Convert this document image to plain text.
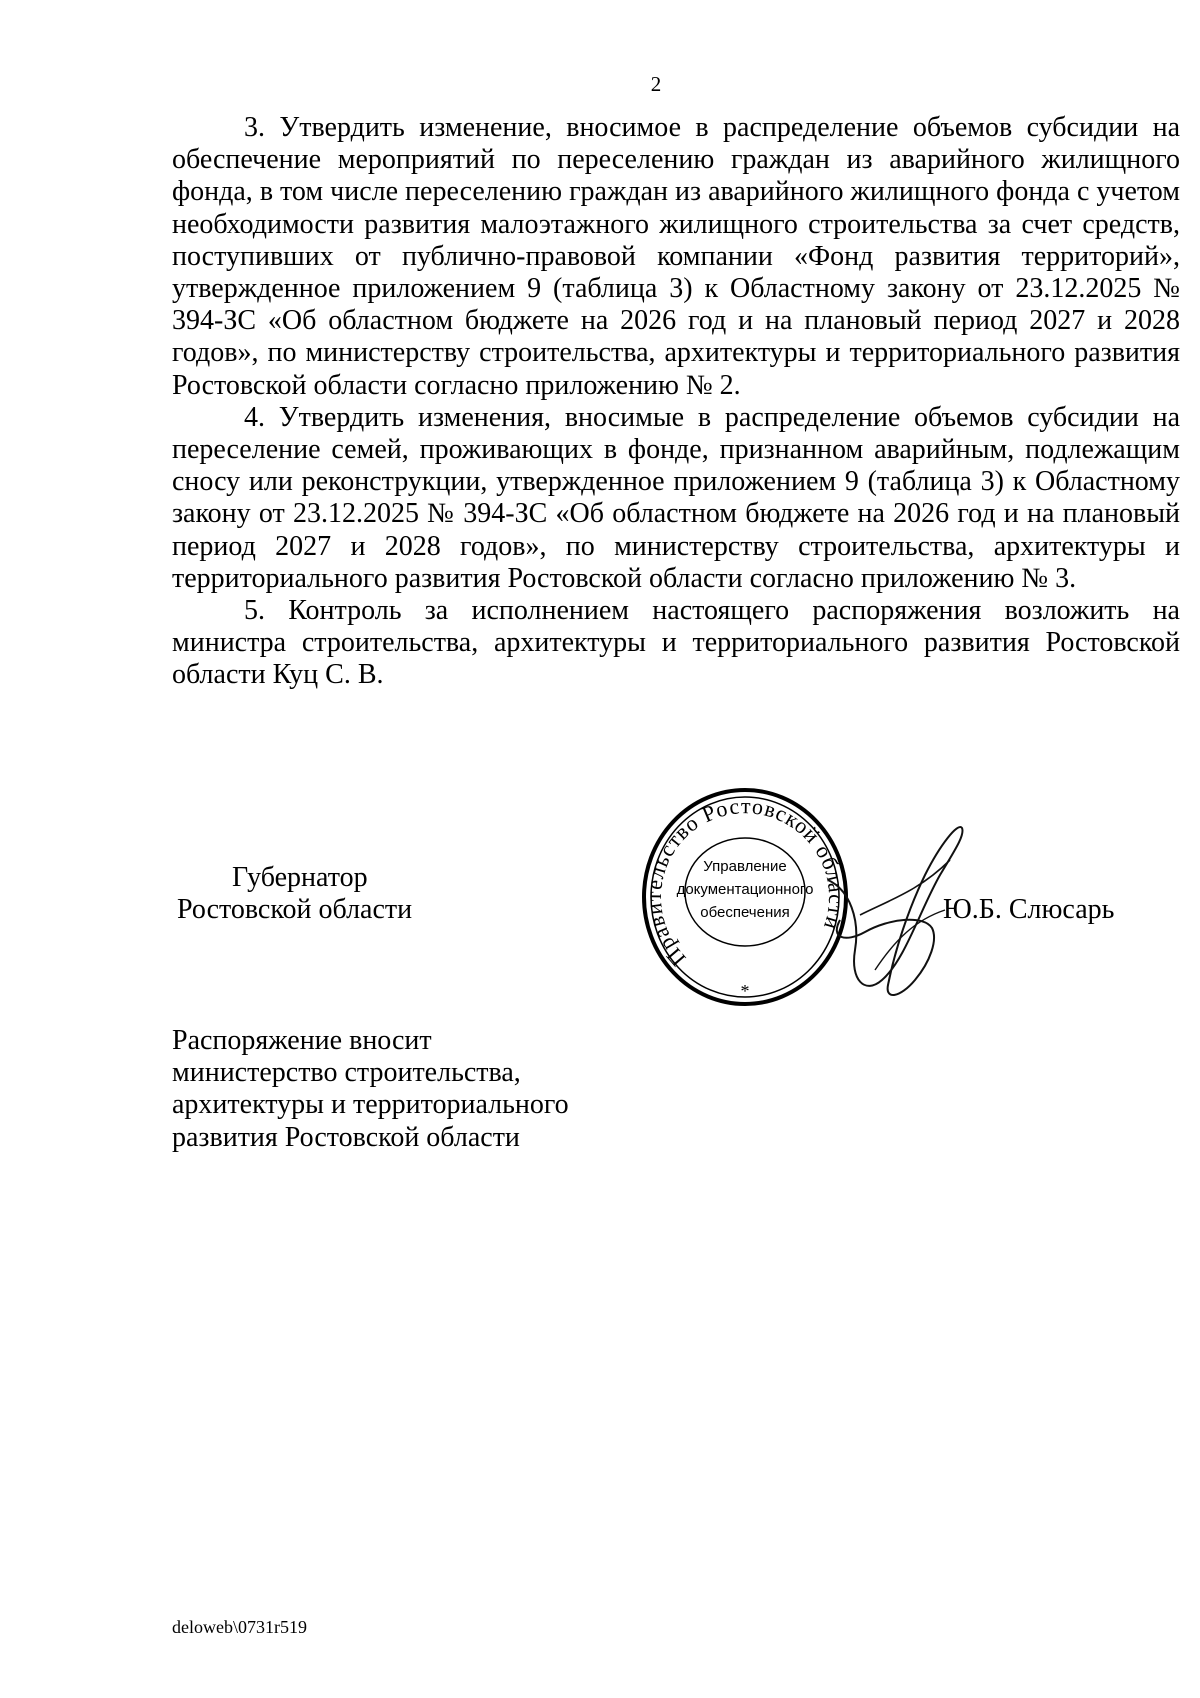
2

3. Утвердить изменение, вносимое в распределение объемов субсидии на обеспечение мероприятий по переселению граждан из аварийного жилищного фонда, в том числе переселению граждан из аварийного жилищного фонда с учетом необходимости развития малоэтажного жилищного строительства за счет средств, поступивших от публично-правовой компании «Фонд развития территорий», утвержденное приложением 9 (таблица 3) к Областному закону от 23.12.2025 № 394-ЗС «Об областном бюджете на 2026 год и на плановый период 2027 и 2028 годов», по министерству строительства, архитектуры и территориального развития Ростовской области согласно приложению № 2.

4. Утвердить изменения, вносимые в распределение объемов субсидии на переселение семей, проживающих в фонде, признанном аварийным, подлежащим сносу или реконструкции, утвержденное приложением 9 (таблица 3) к Областному закону от 23.12.2025 № 394-ЗС «Об областном бюджете на 2026 год и на плановый период 2027 и 2028 годов», по министерству строительства, архитектуры и территориального развития Ростовской области согласно приложению № 3.

5. Контроль за исполнением настоящего распоряжения возложить на министра строительства, архитектуры и территориального развития Ростовской области Куц С. В.

Губернатор
Ростовской области
Правительство Ростовской области
Управление
документационного
обеспечения
*
Ю.Б. Слюсарь
Распоряжение вносит
министерство строительства,
архитектуры и территориального
развития Ростовской области
deloweb\0731r519
